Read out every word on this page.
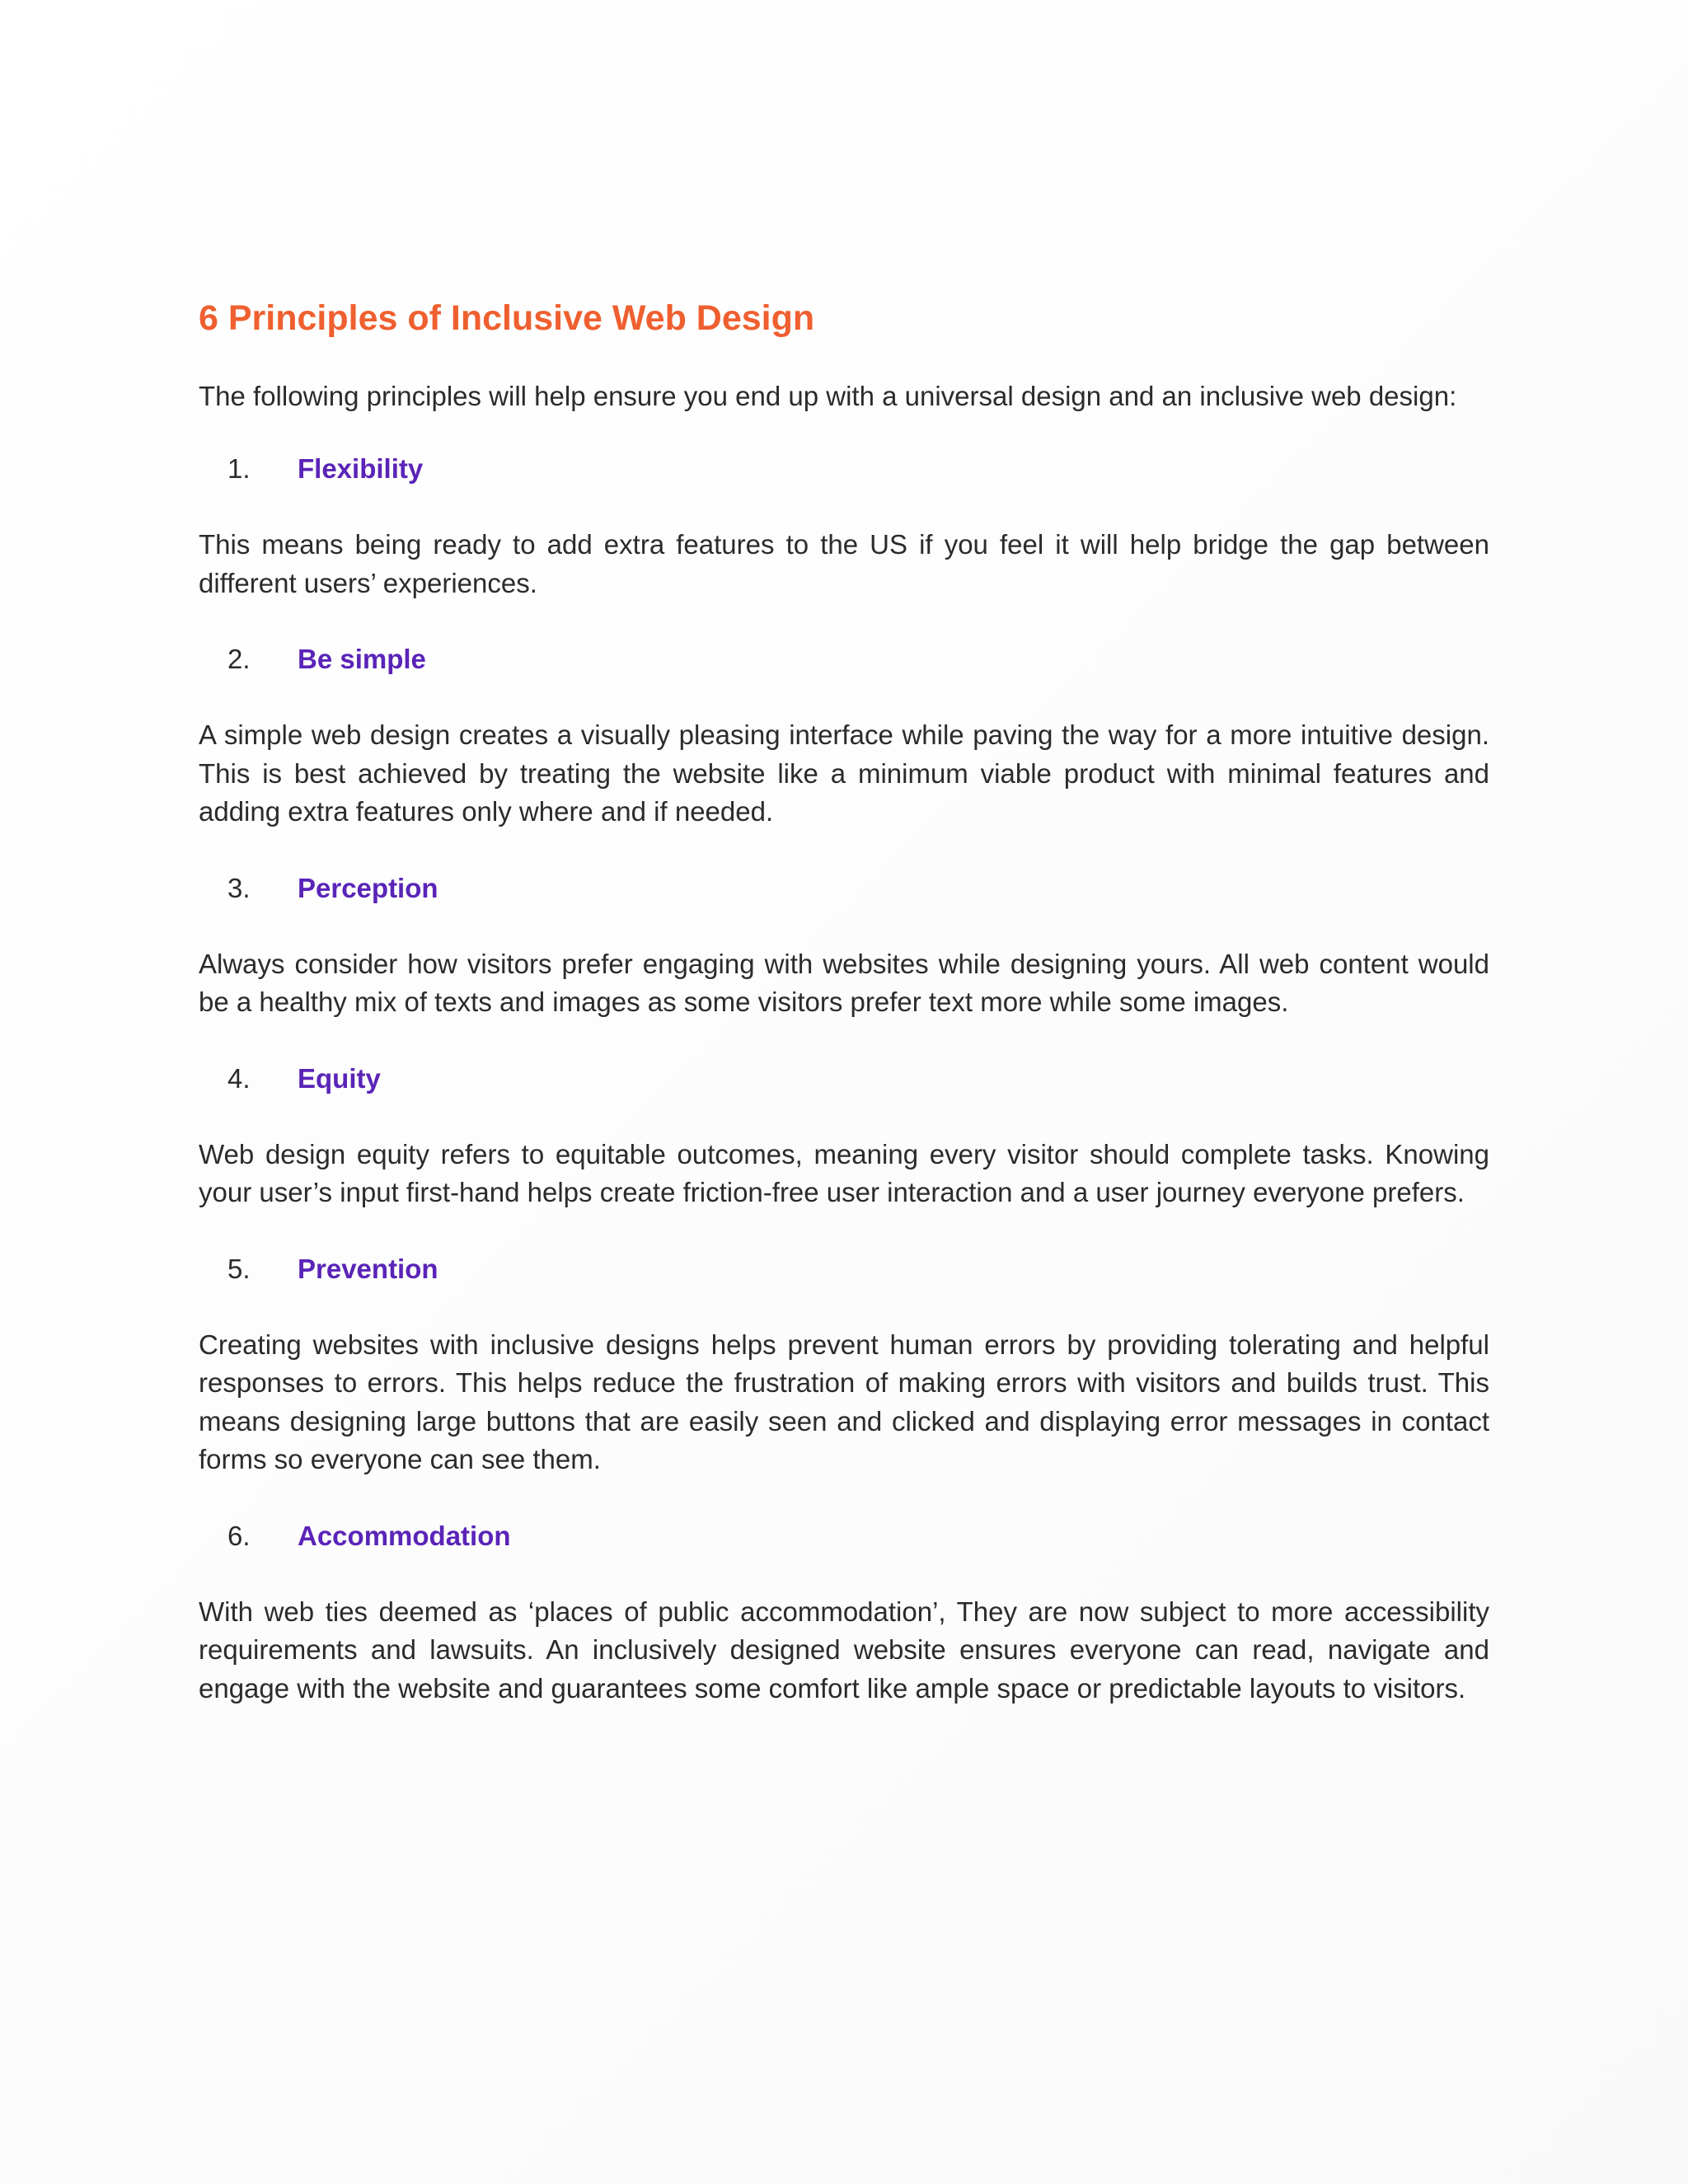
6 Principles of Inclusive Web Design

The following principles will help ensure you end up with a universal design and an inclusive web design:

1.	Flexibility

This means being ready to add extra features to the US if you feel it will help bridge the gap between different users’ experiences.

2.	Be simple

A simple web design creates a visually pleasing interface while paving the way for a more intuitive design. This is best achieved by treating the website like a minimum viable product with minimal features and adding extra features only where and if needed.

3.	Perception

Always consider how visitors prefer engaging with websites while designing yours. All web content would be a healthy mix of texts and images as some visitors prefer text more while some images.

4.	Equity

Web design equity refers to equitable outcomes, meaning every visitor should complete tasks. Knowing your user’s input first-hand helps create friction-free user interaction and a user journey everyone prefers.

5.	Prevention

Creating websites with inclusive designs helps prevent human errors by providing tolerating and helpful responses to errors. This helps reduce the frustration of making errors with visitors and builds trust. This means designing large buttons that are easily seen and clicked and displaying error messages in contact forms so everyone can see them.

6.	Accommodation

With web ties deemed as ‘places of public accommodation’, They are now subject to more accessibility requirements and lawsuits. An inclusively designed website ensures everyone can read, navigate and engage with the website and guarantees some comfort like ample space or predictable layouts to visitors.
